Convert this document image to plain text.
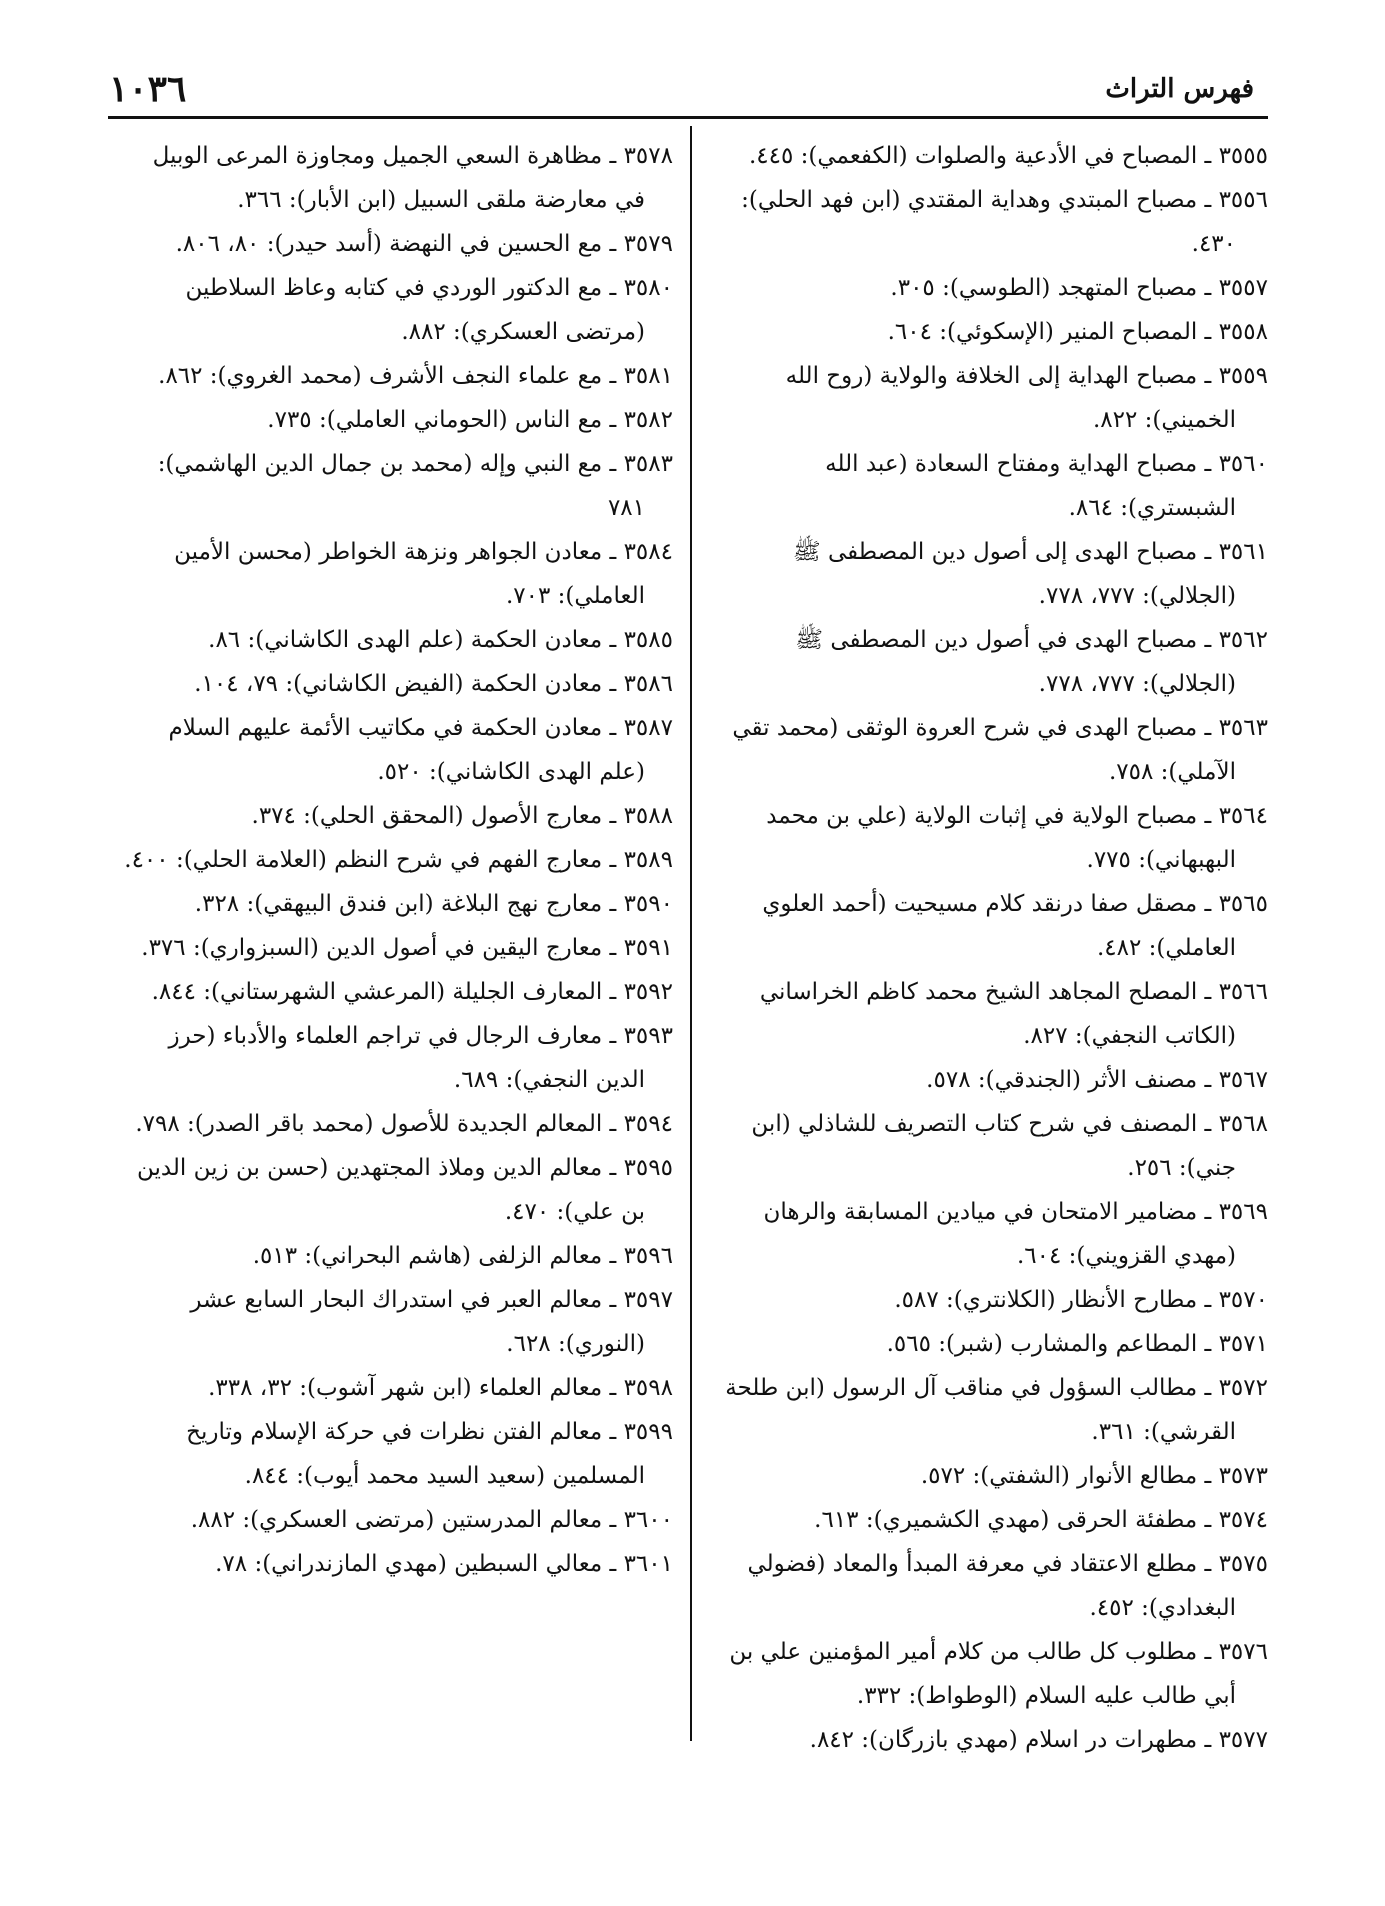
١٠٣٦	فهرس التراث

٣٥٥٥ ـ المصباح في الأدعية والصلوات (الكفعمي): ٤٤٥.

٣٥٥٦ ـ مصباح المبتدي وهداية المقتدي (ابن فهد الحلي): ٤٣٠.

٣٥٥٧ ـ مصباح المتهجد (الطوسي): ٣٠٥.

٣٥٥٨ ـ المصباح المنير (الإسكوئي): ٦٠٤.

٣٥٥٩ ـ مصباح الهداية إلى الخلافة والولاية (روح الله الخميني): ٨٢٢.

٣٥٦٠ ـ مصباح الهداية ومفتاح السعادة (عبد الله الشبستري): ٨٦٤.

٣٥٦١ ـ مصباح الهدى إلى أصول دين المصطفى ﷺ (الجلالي): ٧٧٧، ٧٧٨.

٣٥٦٢ ـ مصباح الهدى في أصول دين المصطفى ﷺ (الجلالي): ٧٧٧، ٧٧٨.

٣٥٦٣ ـ مصباح الهدى في شرح العروة الوثقى (محمد تقي الآملي): ٧٥٨.

٣٥٦٤ ـ مصباح الولاية في إثبات الولاية (علي بن محمد البهبهاني): ٧٧٥.

٣٥٦٥ ـ مصقل صفا درنقد كلام مسيحيت (أحمد العلوي العاملي): ٤٨٢.

٣٥٦٦ ـ المصلح المجاهد الشيخ محمد كاظم الخراساني (الكاتب النجفي): ٨٢٧.

٣٥٦٧ ـ مصنف الأثر (الجندقي): ٥٧٨.

٣٥٦٨ ـ المصنف في شرح كتاب التصريف للشاذلي (ابن جني): ٢٥٦.

٣٥٦٩ ـ مضامير الامتحان في ميادين المسابقة والرهان (مهدي القزويني): ٦٠٤.

٣٥٧٠ ـ مطارح الأنظار (الكلانتري): ٥٨٧.

٣٥٧١ ـ المطاعم والمشارب (شبر): ٥٦٥.

٣٥٧٢ ـ مطالب السؤول في مناقب آل الرسول (ابن طلحة القرشي): ٣٦١.

٣٥٧٣ ـ مطالع الأنوار (الشفتي): ٥٧٢.

٣٥٧٤ ـ مطفئة الحرقى (مهدي الكشميري): ٦١٣.

٣٥٧٥ ـ مطلع الاعتقاد في معرفة المبدأ والمعاد (فضولي البغدادي): ٤٥٢.

٣٥٧٦ ـ مطلوب كل طالب من كلام أمير المؤمنين علي بن أبي طالب عليه السلام (الوطواط): ٣٣٢.

٣٥٧٧ ـ مطهرات در اسلام (مهدي بازرگان): ٨٤٢.

٣٥٧٨ ـ مظاهرة السعي الجميل ومجاوزة المرعى الوبيل في معارضة ملقى السبيل (ابن الأبار): ٣٦٦.

٣٥٧٩ ـ مع الحسين في النهضة (أسد حيدر): ٨٠، ٨٠٦.

٣٥٨٠ ـ مع الدكتور الوردي في كتابه وعاظ السلاطين (مرتضى العسكري): ٨٨٢.

٣٥٨١ ـ مع علماء النجف الأشرف (محمد الغروي): ٨٦٢.

٣٥٨٢ ـ مع الناس (الحوماني العاملي): ٧٣٥.

٣٥٨٣ ـ مع النبي وإله (محمد بن جمال الدين الهاشمي): ٧٨١

٣٥٨٤ ـ معادن الجواهر ونزهة الخواطر (محسن الأمين العاملي): ٧٠٣.

٣٥٨٥ ـ معادن الحكمة (علم الهدى الكاشاني): ٨٦.

٣٥٨٦ ـ معادن الحكمة (الفيض الكاشاني): ٧٩، ١٠٤.

٣٥٨٧ ـ معادن الحكمة في مكاتيب الأئمة عليهم السلام (علم الهدى الكاشاني): ٥٢٠.

٣٥٨٨ ـ معارج الأصول (المحقق الحلي): ٣٧٤.

٣٥٨٩ ـ معارج الفهم في شرح النظم (العلامة الحلي): ٤٠٠.

٣٥٩٠ ـ معارج نهج البلاغة (ابن فندق البيهقي): ٣٢٨.

٣٥٩١ ـ معارج اليقين في أصول الدين (السبزواري): ٣٧٦.

٣٥٩٢ ـ المعارف الجليلة (المرعشي الشهرستاني): ٨٤٤.

٣٥٩٣ ـ معارف الرجال في تراجم العلماء والأدباء (حرز الدين النجفي): ٦٨٩.

٣٥٩٤ ـ المعالم الجديدة للأصول (محمد باقر الصدر): ٧٩٨.

٣٥٩٥ ـ معالم الدين وملاذ المجتهدين (حسن بن زين الدين بن علي): ٤٧٠.

٣٥٩٦ ـ معالم الزلفى (هاشم البحراني): ٥١٣.

٣٥٩٧ ـ معالم العبر في استدراك البحار السابع عشر (النوري): ٦٢٨.

٣٥٩٨ ـ معالم العلماء (ابن شهر آشوب): ٣٢، ٣٣٨.

٣٥٩٩ ـ معالم الفتن نظرات في حركة الإسلام وتاريخ المسلمين (سعيد السيد محمد أيوب): ٨٤٤.

٣٦٠٠ ـ معالم المدرستين (مرتضى العسكري): ٨٨٢.

٣٦٠١ ـ معالي السبطين (مهدي المازندراني): ٧٨.
